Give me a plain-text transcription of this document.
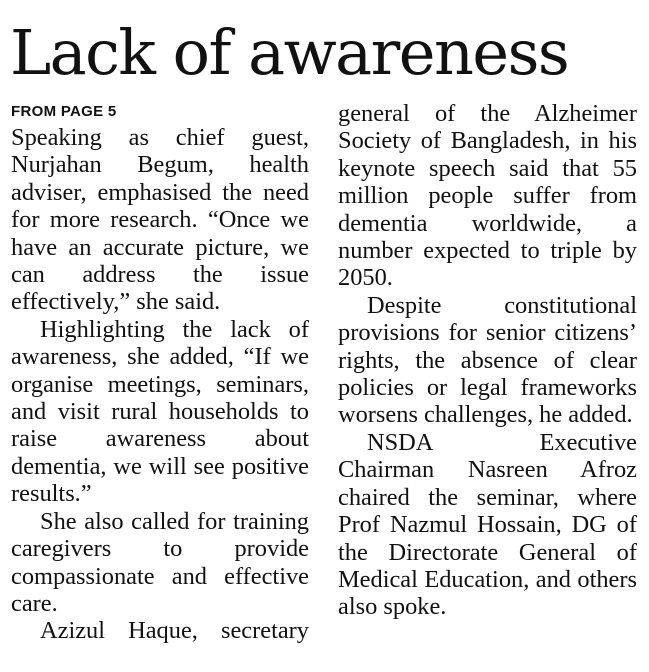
Lack of awareness
FROM PAGE 5

Speaking as chief guest, Nurjahan Begum, health adviser, emphasised the need for more research. “Once we have an accurate picture, we can address the issue effectively,” she said.

Highlighting the lack of awareness, she added, “If we organise meetings, seminars, and visit rural households to raise awareness about dementia, we will see positive results.”

She also called for training caregivers to provide compassionate and effective care.

Azizul Haque, secretary

general of the Alzheimer Society of Bangladesh, in his keynote speech said that 55 million people suffer from dementia worldwide, a number expected to triple by 2050.

Despite constitutional provisions for senior citizens’ rights, the absence of clear policies or legal frameworks worsens challenges, he added.

NSDA Executive Chairman Nasreen Afroz chaired the seminar, where Prof Nazmul Hossain, DG of the Directorate General of Medical Education, and others also spoke.
